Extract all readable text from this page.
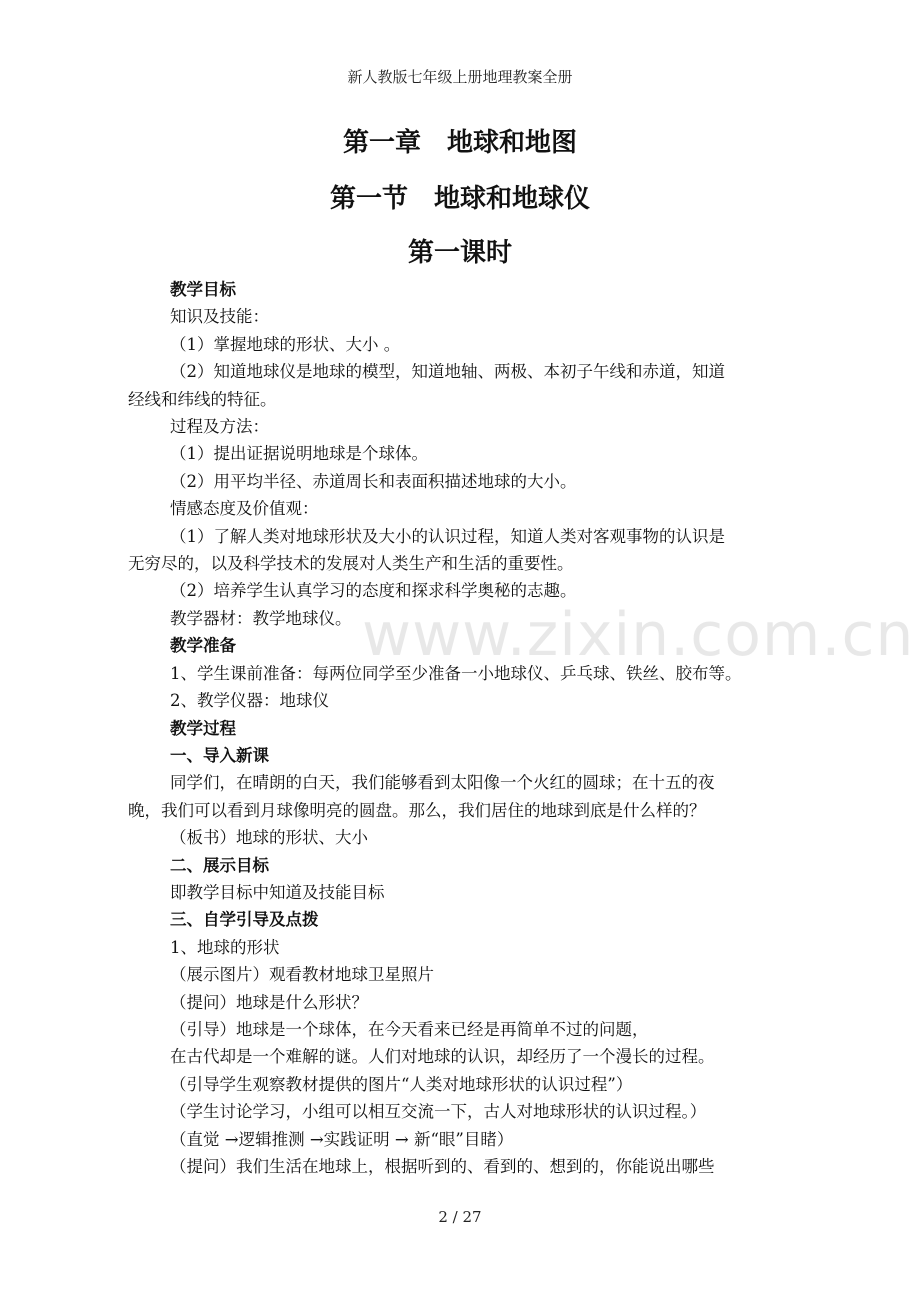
新人教版七年级上册地理教案全册
第一章　地球和地图
第一节　地球和地球仪
第一课时
www.zixin.com.cn
教学目标
知识及技能：
（1）掌握地球的形状、大小 。
（2）知道地球仪是地球的模型，知道地轴、两极、本初子午线和赤道，知道
经线和纬线的特征。
过程及方法：
（1）提出证据说明地球是个球体。
（2）用平均半径、赤道周长和表面积描述地球的大小。
情感态度及价值观：
（1）了解人类对地球形状及大小的认识过程，知道人类对客观事物的认识是
无穷尽的，以及科学技术的发展对人类生产和生活的重要性。
（2）培养学生认真学习的态度和探求科学奥秘的志趣。
教学器材：教学地球仪。
教学准备
1、学生课前准备：每两位同学至少准备一小地球仪、乒乓球、铁丝、胶布等。
2、教学仪器：地球仪
教学过程
一、导入新课
同学们，在晴朗的白天，我们能够看到太阳像一个火红的圆球；在十五的夜
晚，我们可以看到月球像明亮的圆盘。那么，我们居住的地球到底是什么样的？
（板书）地球的形状、大小
二、展示目标
即教学目标中知道及技能目标
三、自学引导及点拨
1、地球的形状
（展示图片）观看教材地球卫星照片
（提问）地球是什么形状？
（引导）地球是一个球体，在今天看来已经是再简单不过的问题，
在古代却是一个难解的谜。人们对地球的认识，却经历了一个漫长的过程。
（引导学生观察教材提供的图片“人类对地球形状的认识过程”）
（学生讨论学习，小组可以相互交流一下，古人对地球形状的认识过程。）
（直觉 →逻辑推测 →实践证明 → 新“眼”目睹）
（提问）我们生活在地球上，根据听到的、看到的、想到的，你能说出哪些
2 / 27
